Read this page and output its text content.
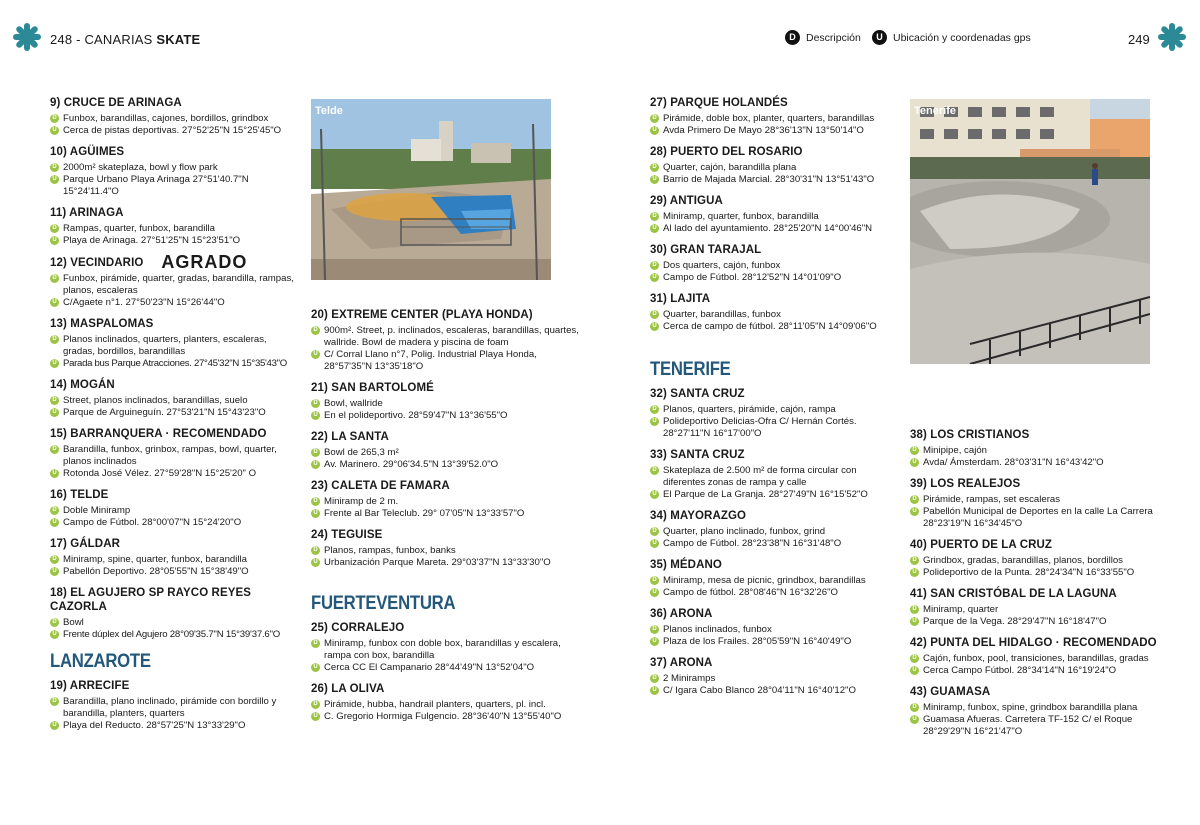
248 - CANARIAS SKATE	D Descripción	U Ubicación y coordenadas gps	249
Telde	Tenerife
9) CRUCE DE ARINAGA
D Funbox, barandillas, cajones, bordillos, grindbox
U Cerca de pistas deportivas. 27°52'25"N 15°25'45"O
10) AGÜIMES
D 2000m² skateplaza, bowl y flow park
U Parque Urbano Playa Arinaga 27°51'40.7"N 15°24'11.4"O
11) ARINAGA
D Rampas, quarter, funbox, barandilla
U Playa de Arinaga. 27°51'25"N 15°23'51"O
12) VECINDARIO AGRADO
D Funbox, pirámide, quarter, gradas, barandilla, rampas, planos, escaleras
U C/Agaete n°1. 27°50'23"N 15°26'44"O
13) MASPALOMAS
D Planos inclinados, quarters, planters, escaleras, gradas, bordillos, barandillas
U Parada bus Parque Atracciones. 27°45'32"N 15°35'43"O
14) MOGÁN
D Street, planos inclinados, barandillas, suelo
U Parque de Arguineguín. 27°53'21"N 15°43'23"O
15) BARRANQUERA · RECOMENDADO
D Barandilla, funbox, grinbox, rampas, bowl, quarter, planos inclinados
U Rotonda José Vélez. 27°59'28"N 15°25'20" O
16) TELDE
D Doble Miniramp
U Campo de Fútbol. 28°00'07"N 15°24'20"O
17) GÁLDAR
D Miniramp, spine, quarter, funbox, barandilla
U Pabellón Deportivo. 28°05'55"N 15°38'49"O
18) EL AGUJERO SP RAYCO REYES CAZORLA
D Bowl
U Frente dúplex del Agujero 28°09'35.7"N 15°39'37.6"O
LANZAROTE
19) ARRECIFE
D Barandilla, plano inclinado, pirámide con bordillo y barandilla, planters, quarters
U Playa del Reducto. 28°57'25"N 13°33'29"O
20) EXTREME CENTER (PLAYA HONDA)
D 900m². Street, p. inclinados, escaleras, barandillas, quartes, wallride. Bowl de madera y piscina de foam
U C/ Corral Llano n°7, Polig. Industrial Playa Honda, 28°57'35"N 13°35'18"O
21) SAN BARTOLOMÉ
D Bowl, wallride
U En el polideportivo. 28°59'47"N 13°36'55"O
22) LA SANTA
D Bowl de 265,3 m²
U Av. Marinero. 29°06'34.5"N 13°39'52.0"O
23) CALETA DE FAMARA
D Miniramp de 2 m.
U Frente al Bar Teleclub. 29° 07'05"N 13°33'57"O
24) TEGUISE
D Planos, rampas, funbox, banks
U Urbanización Parque Mareta. 29°03'37"N 13°33'30"O
FUERTEVENTURA
25) CORRALEJO
D Miniramp, funbox con doble box, barandillas y escalera, rampa con box, barandilla
U Cerca CC El Campanario 28°44'49"N 13°52'04"O
26) LA OLIVA
D Pirámide, hubba, handrail planters, quarters, pl. incl.
U C. Gregorio Hormiga Fulgencio. 28°36'40"N 13°55'40"O
27) PARQUE HOLANDÉS
D Pirámide, doble box, planter, quarters, barandillas
U Avda Primero De Mayo 28°36'13"N 13°50'14"O
28) PUERTO DEL ROSARIO
D Quarter, cajón, barandilla plana
U Barrio de Majada Marcial. 28°30'31"N 13°51'43"O
29) ANTIGUA
D Miniramp, quarter, funbox, barandilla
U Al lado del ayuntamiento. 28°25'20"N 14°00'46"N
30) GRAN TARAJAL
D Dos quarters, cajón, funbox
U Campo de Fútbol. 28°12'52"N 14°01'09"O
31) LAJITA
D Quarter, barandillas, funbox
U Cerca de campo de fútbol. 28°11'05"N 14°09'06"O
TENERIFE
32) SANTA CRUZ
D Planos, quarters, pirámide, cajón, rampa
U Polideportivo Delicias-Ofra C/ Hernán Cortés. 28°27'11"N 16°17'00"O
33) SANTA CRUZ
D Skateplaza de 2.500 m² de forma circular con diferentes zonas de rampa y calle
U El Parque de La Granja. 28°27'49"N 16°15'52"O
34) MAYORAZGO
D Quarter, plano inclinado, funbox, grind
U Campo de Fútbol. 28°23'38"N 16°31'48"O
35) MÉDANO
D Miniramp, mesa de picnic, grindbox, barandillas
U Campo de fútbol. 28°08'46"N 16°32'26"O
36) ARONA
D Planos inclinados, funbox
U Plaza de los Frailes. 28°05'59"N 16°40'49"O
37) ARONA
D 2 Miniramps
U C/ Igara Cabo Blanco 28°04'11"N 16°40'12"O
38) LOS CRISTIANOS
D Minipipe, cajón
U Avda/ Ámsterdam. 28°03'31"N 16°43'42"O
39) LOS REALEJOS
D Pirámide, rampas, set escaleras
U Pabellón Municipal de Deportes en la calle La Carrera 28°23'19"N 16°34'45"O
40) PUERTO DE LA CRUZ
D Grindbox, gradas, barandillas, planos, bordillos
U Polideportivo de la Punta. 28°24'34"N 16°33'55"O
41) SAN CRISTÓBAL DE LA LAGUNA
D Miniramp, quarter
U Parque de la Vega. 28°29'47"N 16°18'47"O
42) PUNTA DEL HIDALGO · RECOMENDADO
D Cajón, funbox, pool, transiciones, barandillas, gradas
U Cerca Campo Fútbol. 28°34'14"N 16°19'24"O
43) GUAMASA
D Miniramp, funbox, spine, grindbox barandilla plana
U Guamasa Afueras. Carretera TF-152 C/ el Roque 28°29'29"N 16°21'47"O
